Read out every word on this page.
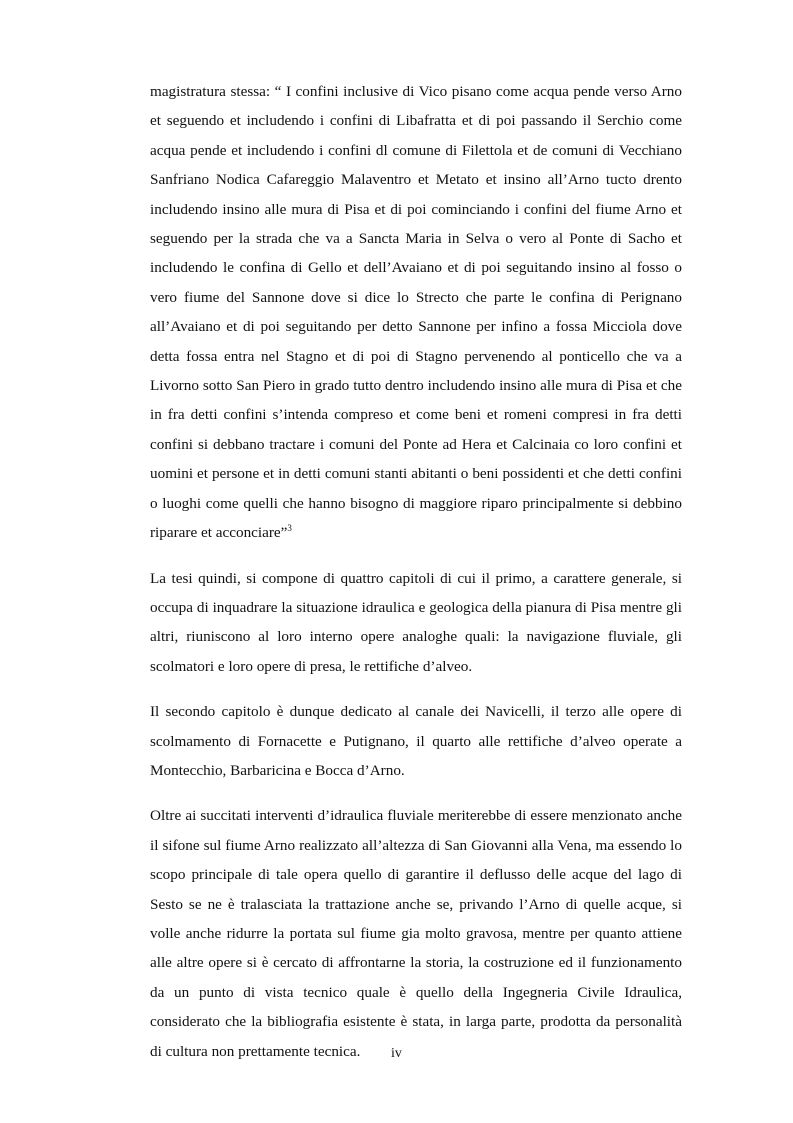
magistratura stessa: “ I confini inclusive di Vico pisano come acqua pende verso Arno et seguendo et includendo i confini di Libafratta et di poi passando il Serchio come acqua pende et includendo i confini dl comune di Filettola et de comuni di Vecchiano Sanfriano Nodica Cafareggio Malaventro et Metato et insino all’Arno tucto drento includendo insino alle mura di Pisa et di poi cominciando i confini del fiume Arno et seguendo per la strada che va a Sancta Maria in Selva o vero al Ponte di Sacho et includendo le confina di Gello et dell’Avaiano et di poi seguitando insino al fosso o vero fiume del Sannone dove si dice lo Strecto che parte le confina di Perignano all’Avaiano et di poi seguitando per detto Sannone per infino a fossa Micciola dove detta fossa entra nel Stagno et di poi di Stagno pervenendo al ponticello che va a Livorno sotto San Piero in grado tutto dentro includendo insino alle mura di Pisa et che in fra detti confini s’intenda compreso et come beni et romeni compresi in fra detti confini si debbano tractare i comuni del Ponte ad Hera et Calcinaia co loro confini et uomini et persone et in detti comuni stanti abitanti o beni possidenti et che detti confini o luoghi come quelli che hanno bisogno di maggiore riparo principalmente si debbino riparare et acconciare”$^3$

La tesi quindi, si compone di quattro capitoli di cui il primo, a carattere generale, si occupa di inquadrare la situazione idraulica e geologica della pianura di Pisa mentre gli altri, riuniscono al loro interno opere analoghe quali: la navigazione fluviale, gli scolmatori e loro opere di presa, le rettifiche d’alveo.

Il secondo capitolo è dunque dedicato al canale dei Navicelli, il terzo alle opere di scolmamento di Fornacette e Putignano, il quarto alle rettifiche d’alveo operate a Montecchio, Barbaricina e Bocca d’Arno.

Oltre ai succitati interventi d’idraulica fluviale meriterebbe di essere menzionato anche il sifone sul fiume Arno realizzato all’altezza di San Giovanni alla Vena, ma essendo lo scopo principale di tale opera quello di garantire il deflusso delle acque del lago di Sesto se ne è tralasciata la trattazione anche se, privando l’Arno di quelle acque, si volle anche ridurre la portata sul fiume gia molto gravosa, mentre per quanto attiene alle altre opere si è cercato di affrontarne la storia, la costruzione ed il funzionamento da un punto di vista tecnico quale è quello della Ingegneria Civile Idraulica, considerato che la bibliografia esistente è stata, in larga parte, prodotta da personalità di cultura non prettamente tecnica.	iv
